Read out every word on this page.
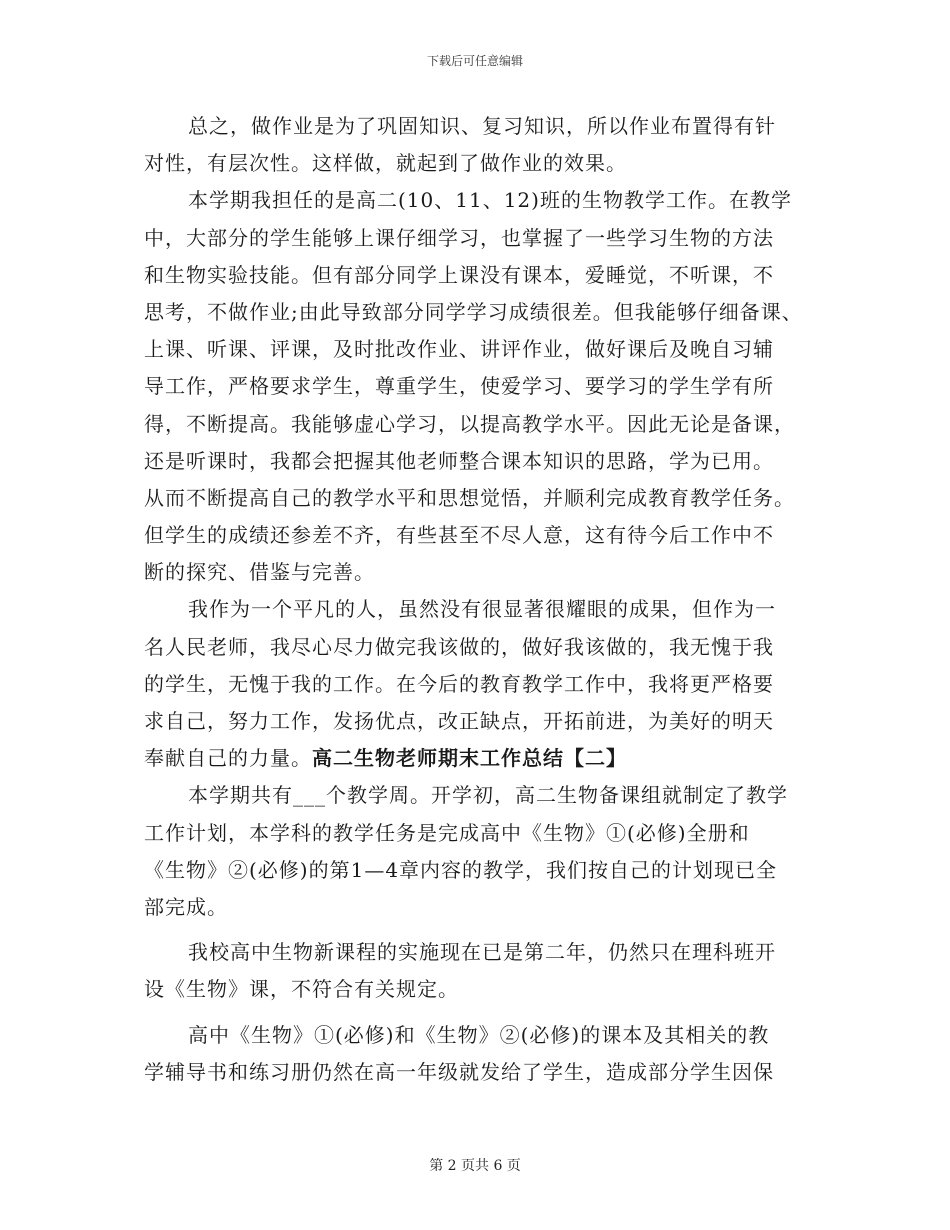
下载后可任意编辑
总之，做作业是为了巩固知识、复习知识，所以作业布置得有针
对性，有层次性。这样做，就起到了做作业的效果。
本学期我担任的是高二(10、11、12)班的生物教学工作。在教学
中，大部分的学生能够上课仔细学习，也掌握了一些学习生物的方法
和生物实验技能。但有部分同学上课没有课本，爱睡觉，不听课，不
思考，不做作业;由此导致部分同学学习成绩很差。但我能够仔细备课、
上课、听课、评课，及时批改作业、讲评作业，做好课后及晚自习辅
导工作，严格要求学生，尊重学生，使爱学习、要学习的学生学有所
得，不断提高。我能够虚心学习，以提高教学水平。因此无论是备课，
还是听课时，我都会把握其他老师整合课本知识的思路，学为已用。
从而不断提高自己的教学水平和思想觉悟，并顺利完成教育教学任务。
但学生的成绩还参差不齐，有些甚至不尽人意，这有待今后工作中不
断的探究、借鉴与完善。
我作为一个平凡的人，虽然没有很显著很耀眼的成果，但作为一
名人民老师，我尽心尽力做完我该做的，做好我该做的，我无愧于我
的学生，无愧于我的工作。在今后的教育教学工作中，我将更严格要
求自己，努力工作，发扬优点，改正缺点，开拓前进，为美好的明天
奉献自己的力量。高二生物老师期末工作总结【二】
本学期共有___个教学周。开学初，高二生物备课组就制定了教学
工作计划，本学科的教学任务是完成高中《生物》①(必修)全册和
《生物》②(必修)的第1—4章内容的教学，我们按自己的计划现已全
部完成。
我校高中生物新课程的实施现在已是第二年，仍然只在理科班开
设《生物》课，不符合有关规定。
高中《生物》①(必修)和《生物》②(必修)的课本及其相关的教
学辅导书和练习册仍然在高一年级就发给了学生，造成部分学生因保
第 2 页共 6 页
